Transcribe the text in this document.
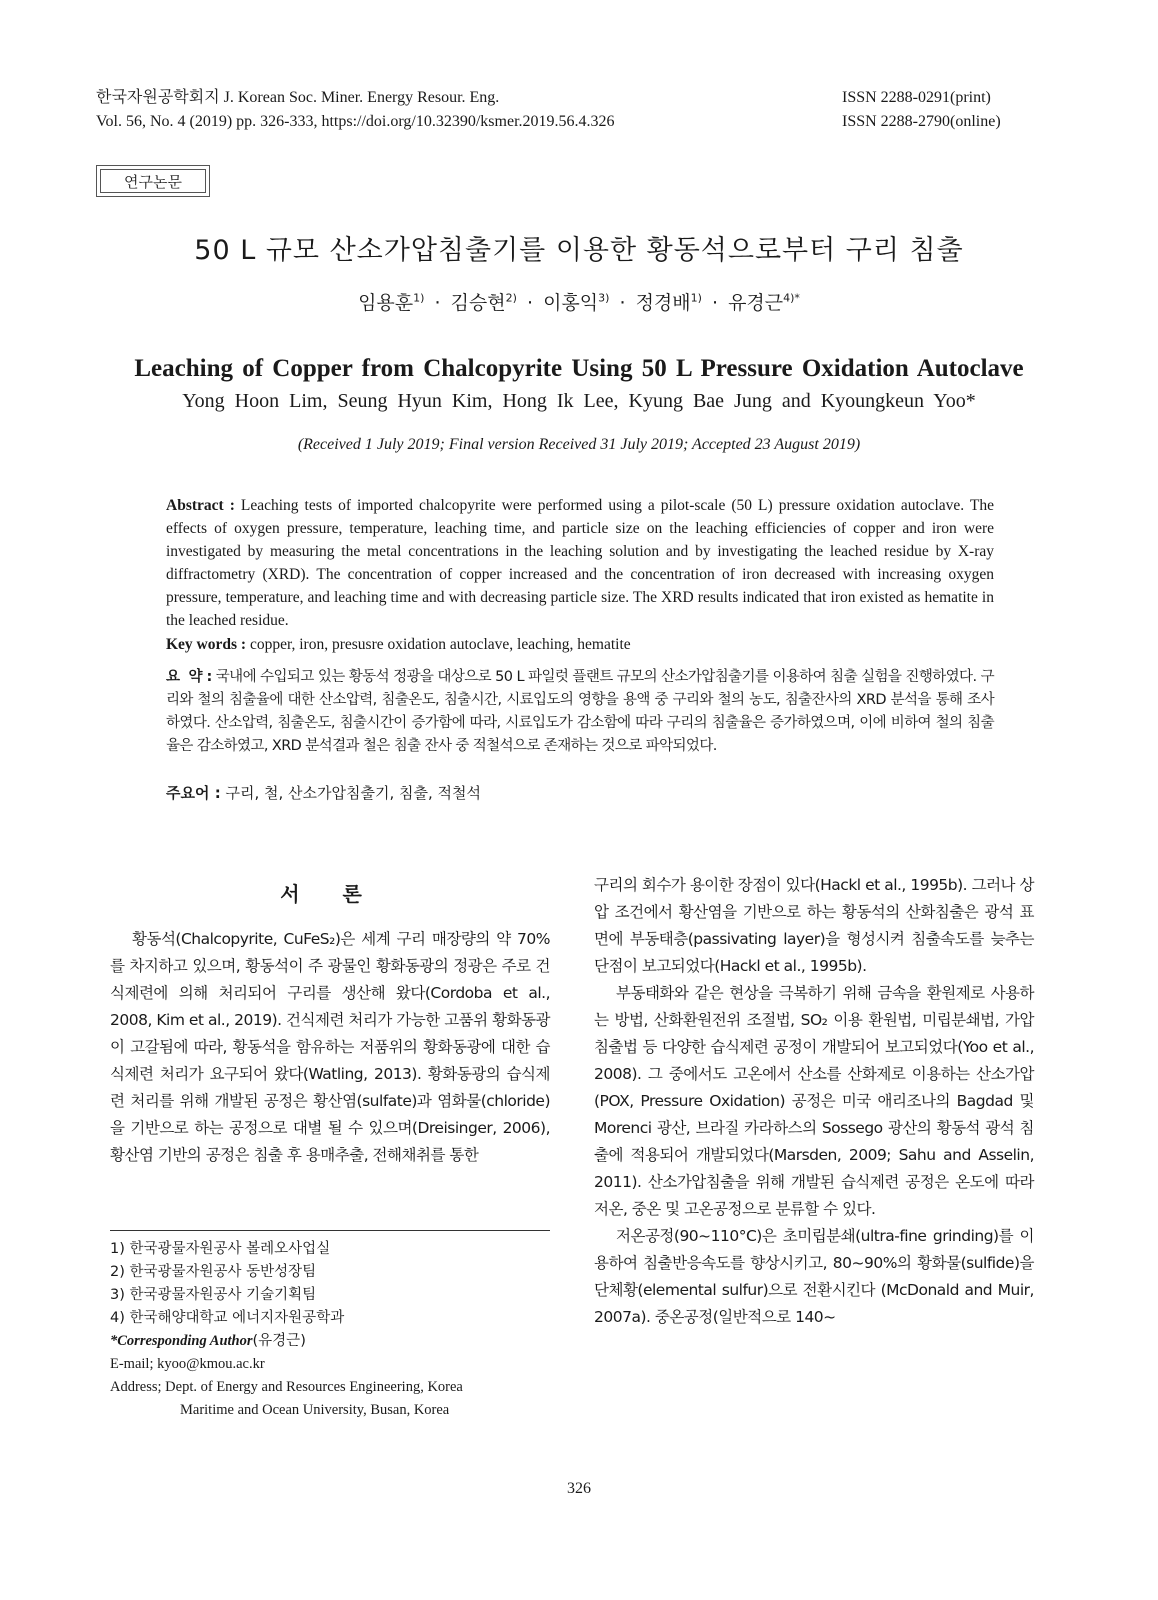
한국자원공학회지 J. Korean Soc. Miner. Energy Resour. Eng.
Vol. 56, No. 4 (2019) pp. 326-333, https://doi.org/10.32390/ksmer.2019.56.4.326
ISSN 2288-0291(print)
ISSN 2288-2790(online)
연구논문
50 L 규모 산소가압침출기를 이용한 황동석으로부터 구리 침출
임용훈$^{1)}$ · 김승현$^{2)}$ · 이홍익$^{3)}$ · 정경배$^{1)}$ · 유경근$^{4)*}$
Leaching of Copper from Chalcopyrite Using 50 L Pressure Oxidation Autoclave
Yong Hoon Lim, Seung Hyun Kim, Hong Ik Lee, Kyung Bae Jung and Kyoungkeun Yoo*
(Received 1 July 2019; Final version Received 31 July 2019; Accepted 23 August 2019)
Abstract : Leaching tests of imported chalcopyrite were performed using a pilot-scale (50 L) pressure oxidation autoclave. The effects of oxygen pressure, temperature, leaching time, and particle size on the leaching efficiencies of copper and iron were investigated by measuring the metal concentrations in the leaching solution and by investigating the leached residue by X-ray diffractometry (XRD). The concentration of copper increased and the concentration of iron decreased with increasing oxygen pressure, temperature, and leaching time and with decreasing particle size. The XRD results indicated that iron existed as hematite in the leached residue.
Key words : copper, iron, presusre oxidation autoclave, leaching, hematite
요  약 : 국내에 수입되고 있는 황동석 정광을 대상으로 50 L 파일럿 플랜트 규모의 산소가압침출기를 이용하여 침출 실험을 진행하였다. 구리와 철의 침출율에 대한 산소압력, 침출온도, 침출시간, 시료입도의 영향을 용액 중 구리와 철의 농도, 침출잔사의 XRD 분석을 통해 조사하였다. 산소압력, 침출온도, 침출시간이 증가함에 따라, 시료입도가 감소함에 따라 구리의 침출율은 증가하였으며, 이에 비하여 철의 침출율은 감소하였고, XRD 분석결과 철은 침출 잔사 중 적철석으로 존재하는 것으로 파악되었다.
주요어 : 구리, 철, 산소가압침출기, 침출, 적철석
서 론

황동석(Chalcopyrite, CuFeS₂)은 세계 구리 매장량의 약 70%를 차지하고 있으며, 황동석이 주 광물인 황화동광의 정광은 주로 건식제련에 의해 처리되어 구리를 생산해 왔다(Cordoba et al., 2008, Kim et al., 2019). 건식제련 처리가 가능한 고품위 황화동광이 고갈됨에 따라, 황동석을 함유하는 저품위의 황화동광에 대한 습식제련 처리가 요구되어 왔다(Watling, 2013). 황화동광의 습식제련 처리를 위해 개발된 공정은 황산염(sulfate)과 염화물(chloride)을 기반으로 하는 공정으로 대별 될 수 있으며(Dreisinger, 2006), 황산염 기반의 공정은 침출 후 용매추출, 전해채취를 통한

1) 한국광물자원공사 볼레오사업실
2) 한국광물자원공사 동반성장팀
3) 한국광물자원공사 기술기획팀
4) 한국해양대학교 에너지자원공학과
*Corresponding Author(유경근)
E-mail; kyoo@kmou.ac.kr
Address; Dept. of Energy and Resources Engineering, Korea
Maritime and Ocean University, Busan, Korea

구리의 회수가 용이한 장점이 있다(Hackl et al., 1995b). 그러나 상압 조건에서 황산염을 기반으로 하는 황동석의 산화침출은 광석 표면에 부동태층(passivating layer)을 형성시켜 침출속도를 늦추는 단점이 보고되었다(Hackl et al., 1995b).

부동태화와 같은 현상을 극복하기 위해 금속을 환원제로 사용하는 방법, 산화환원전위 조절법, SO₂ 이용 환원법, 미립분쇄법, 가압침출법 등 다양한 습식제련 공정이 개발되어 보고되었다(Yoo et al., 2008). 그 중에서도 고온에서 산소를 산화제로 이용하는 산소가압(POX, Pressure Oxidation) 공정은 미국 애리조나의 Bagdad 및 Morenci 광산, 브라질 카라하스의 Sossego 광산의 황동석 광석 침출에 적용되어 개발되었다(Marsden, 2009; Sahu and Asselin, 2011). 산소가압침출을 위해 개발된 습식제련 공정은 온도에 따라 저온, 중온 및 고온공정으로 분류할 수 있다.

저온공정(90~110°C)은 초미립분쇄(ultra-fine grinding)를 이용하여 침출반응속도를 향상시키고, 80~90%의 황화물(sulfide)을 단체황(elemental sulfur)으로 전환시킨다 (McDonald and Muir, 2007a). 중온공정(일반적으로 140~

326
